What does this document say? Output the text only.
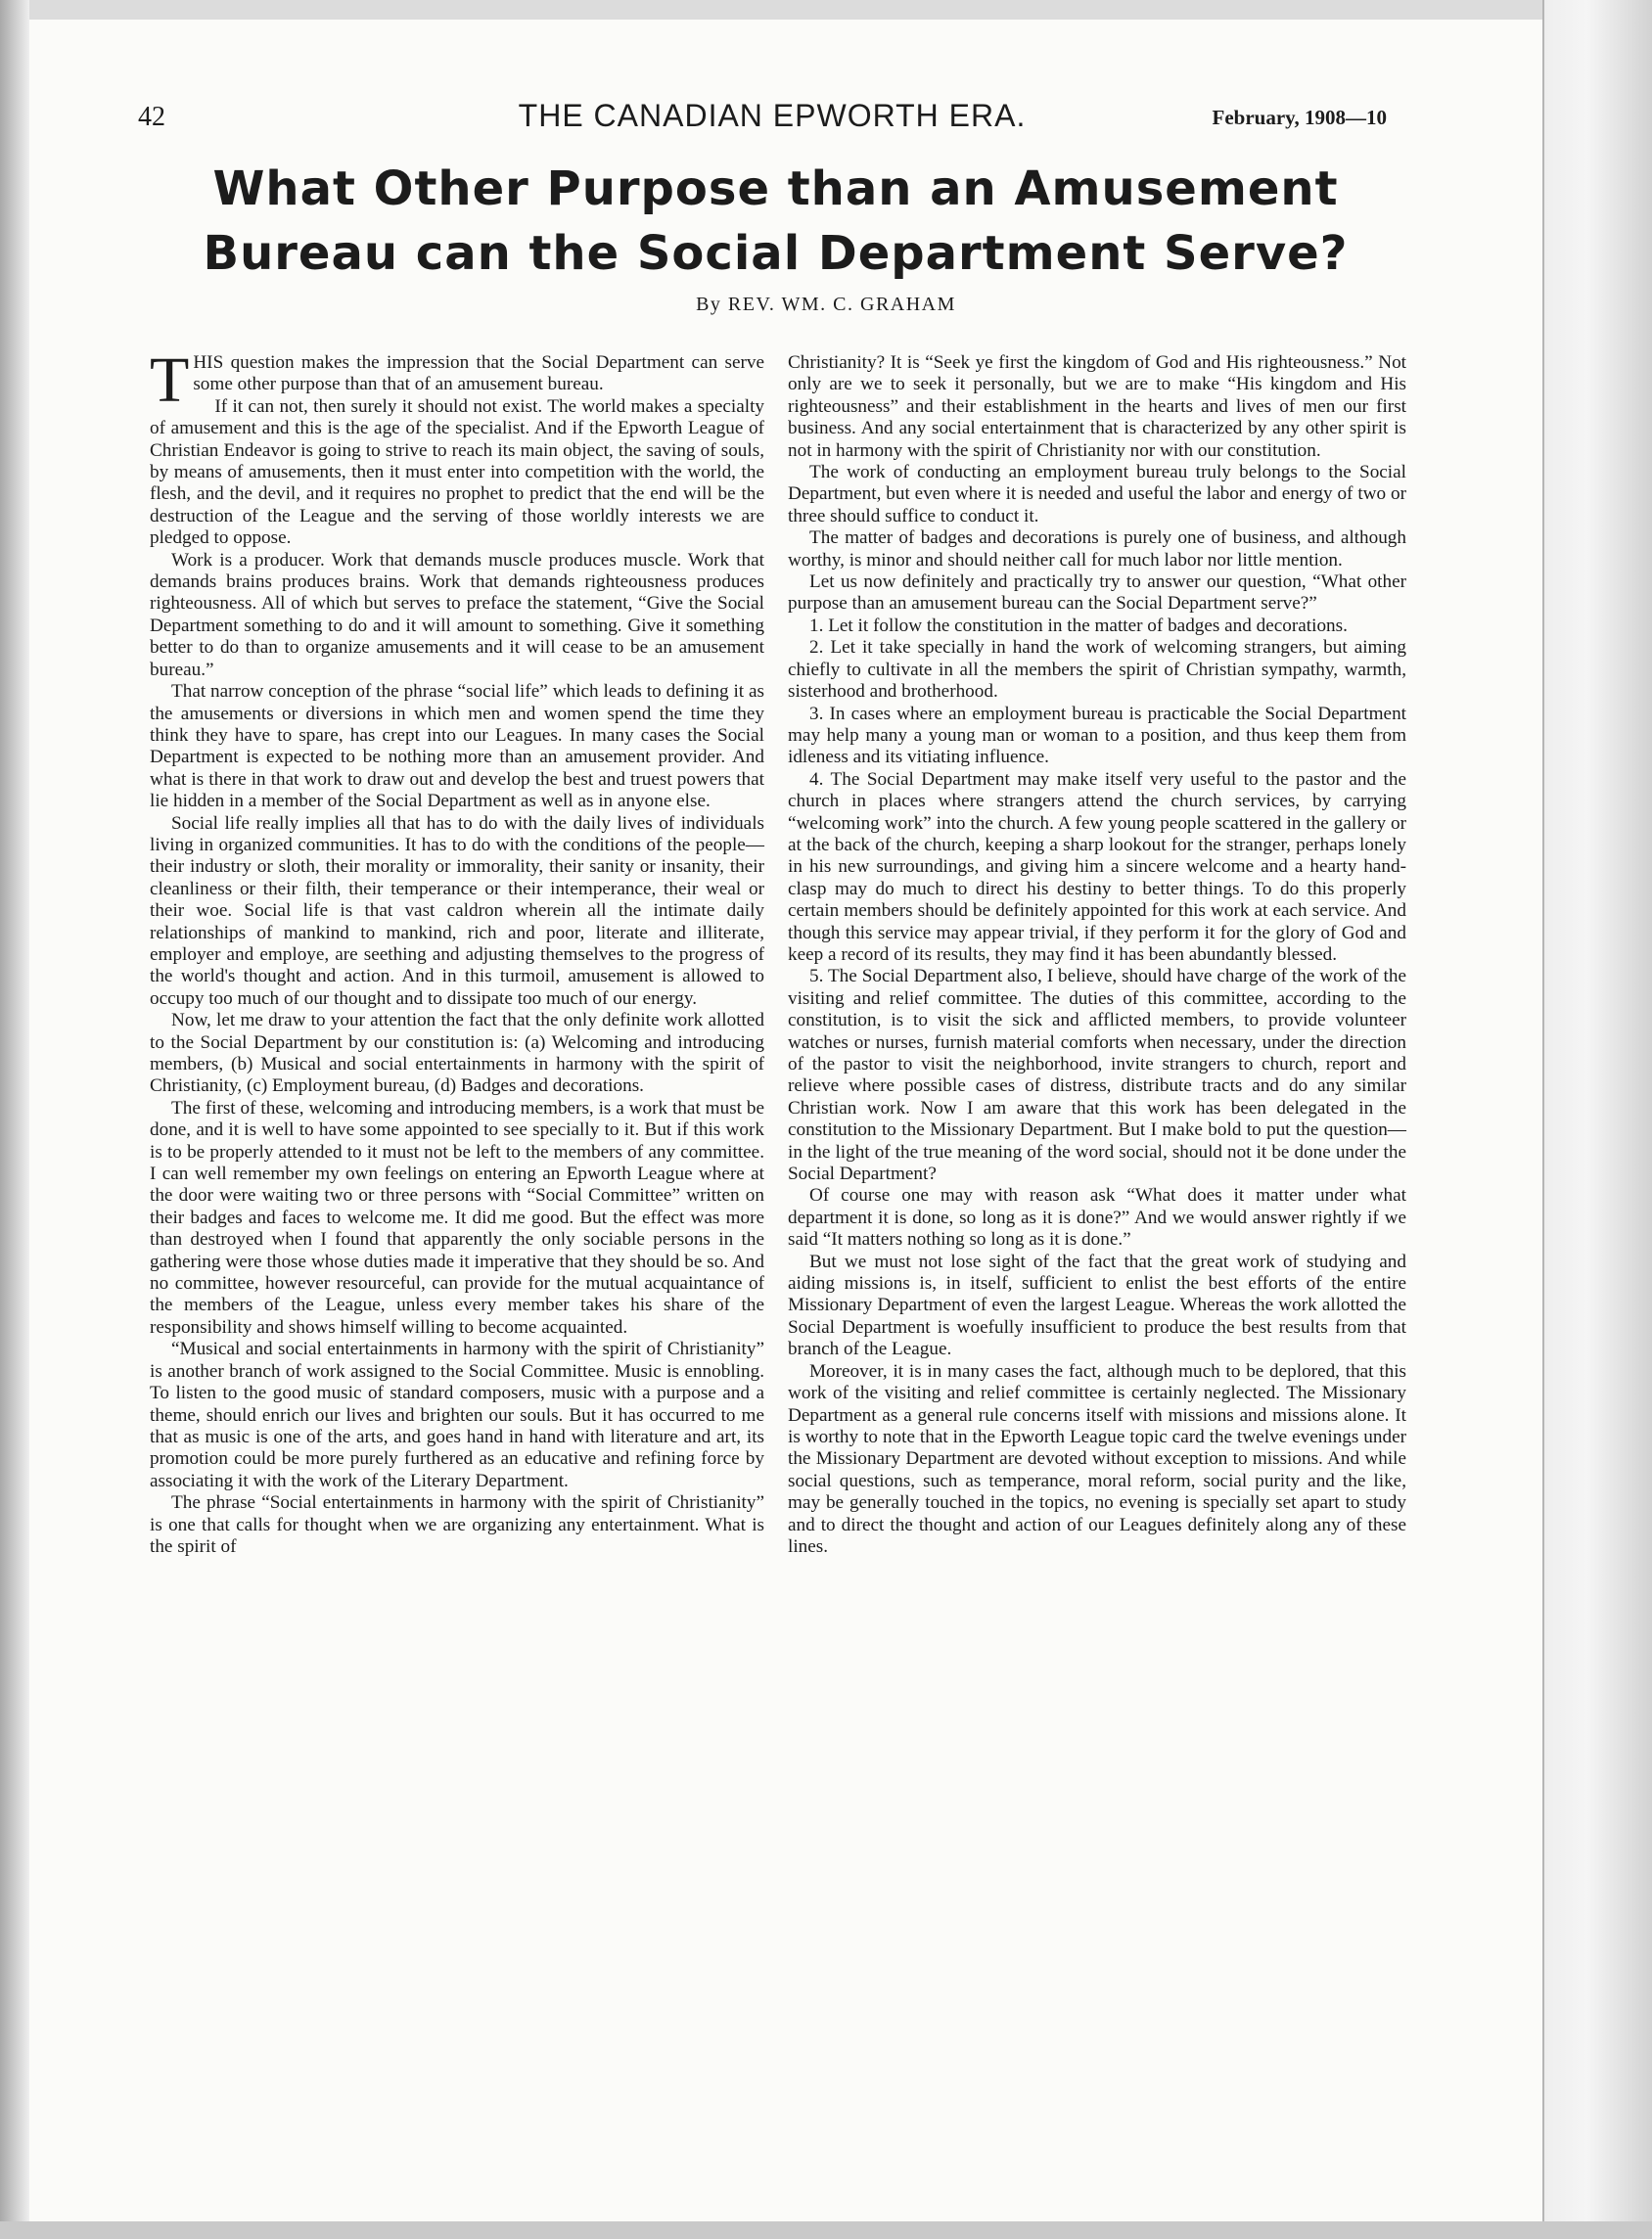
42	THE CANADIAN EPWORTH ERA.	February, 1908—10
What Other Purpose than an Amusement
Bureau can the Social Department Serve?
By REV. WM. C. GRAHAM

THIS question makes the impression that the Social Department can serve some other purpose than that of an amusement bureau.

If it can not, then surely it should not exist. The world makes a specialty of amusement and this is the age of the specialist. And if the Epworth League of Christian Endeavor is going to strive to reach its main object, the saving of souls, by means of amusements, then it must enter into competition with the world, the flesh, and the devil, and it requires no prophet to predict that the end will be the destruction of the League and the serving of those worldly interests we are pledged to oppose.

Work is a producer. Work that demands muscle produces muscle. Work that demands brains produces brains. Work that demands righteousness produces righteousness. All of which but serves to preface the statement, “Give the Social Department something to do and it will amount to something. Give it something better to do than to organize amusements and it will cease to be an amusement bureau.”

That narrow conception of the phrase “social life” which leads to defining it as the amusements or diversions in which men and women spend the time they think they have to spare, has crept into our Leagues. In many cases the Social Department is expected to be nothing more than an amusement provider. And what is there in that work to draw out and develop the best and truest powers that lie hidden in a member of the Social Department as well as in anyone else.

Social life really implies all that has to do with the daily lives of individuals living in organized communities. It has to do with the conditions of the people—their industry or sloth, their morality or immorality, their sanity or insanity, their cleanliness or their filth, their temperance or their intemperance, their weal or their woe. Social life is that vast caldron wherein all the intimate daily relationships of mankind to mankind, rich and poor, literate and illiterate, employer and employe, are seething and adjusting themselves to the progress of the world's thought and action. And in this turmoil, amusement is allowed to occupy too much of our thought and to dissipate too much of our energy.

Now, let me draw to your attention the fact that the only definite work allotted to the Social Department by our constitution is: (a) Welcoming and introducing members, (b) Musical and social entertainments in harmony with the spirit of Christianity, (c) Employment bureau, (d) Badges and decorations.

The first of these, welcoming and introducing members, is a work that must be done, and it is well to have some appointed to see specially to it. But if this work is to be properly attended to it must not be left to the members of any committee. I can well remember my own feelings on entering an Epworth League where at the door were waiting two or three persons with “Social Committee” written on their badges and faces to welcome me. It did me good. But the effect was more than destroyed when I found that apparently the only sociable persons in the gathering were those whose duties made it imperative that they should be so. And no committee, however resourceful, can provide for the mutual acquaintance of the members of the League, unless every member takes his share of the responsibility and shows himself willing to become acquainted.

“Musical and social entertainments in harmony with the spirit of Christianity” is another branch of work assigned to the Social Committee. Music is ennobling. To listen to the good music of standard composers, music with a purpose and a theme, should enrich our lives and brighten our souls. But it has occurred to me that as music is one of the arts, and goes hand in hand with literature and art, its promotion could be more purely furthered as an educative and refining force by associating it with the work of the Literary Department.

The phrase “Social entertainments in harmony with the spirit of Christianity” is one that calls for thought when we are organizing any entertainment. What is the spirit of

Christianity? It is “Seek ye first the kingdom of God and His righteousness.” Not only are we to seek it personally, but we are to make “His kingdom and His righteousness” and their establishment in the hearts and lives of men our first business. And any social entertainment that is characterized by any other spirit is not in harmony with the spirit of Christianity nor with our constitution.

The work of conducting an employment bureau truly belongs to the Social Department, but even where it is needed and useful the labor and energy of two or three should suffice to conduct it.

The matter of badges and decorations is purely one of business, and although worthy, is minor and should neither call for much labor nor little mention.

Let us now definitely and practically try to answer our question, “What other purpose than an amusement bureau can the Social Department serve?”

1. Let it follow the constitution in the matter of badges and decorations.

2. Let it take specially in hand the work of welcoming strangers, but aiming chiefly to cultivate in all the members the spirit of Christian sympathy, warmth, sisterhood and brotherhood.

3. In cases where an employment bureau is practicable the Social Department may help many a young man or woman to a position, and thus keep them from idleness and its vitiating influence.

4. The Social Department may make itself very useful to the pastor and the church in places where strangers attend the church services, by carrying “welcoming work” into the church. A few young people scattered in the gallery or at the back of the church, keeping a sharp lookout for the stranger, perhaps lonely in his new surroundings, and giving him a sincere welcome and a hearty hand-clasp may do much to direct his destiny to better things. To do this properly certain members should be definitely appointed for this work at each service. And though this service may appear trivial, if they perform it for the glory of God and keep a record of its results, they may find it has been abundantly blessed.

5. The Social Department also, I believe, should have charge of the work of the visiting and relief committee. The duties of this committee, according to the constitution, is to visit the sick and afflicted members, to provide volunteer watches or nurses, furnish material comforts when necessary, under the direction of the pastor to visit the neighborhood, invite strangers to church, report and relieve where possible cases of distress, distribute tracts and do any similar Christian work. Now I am aware that this work has been delegated in the constitution to the Missionary Department. But I make bold to put the question—in the light of the true meaning of the word social, should not it be done under the Social Department?

Of course one may with reason ask “What does it matter under what department it is done, so long as it is done?” And we would answer rightly if we said “It matters nothing so long as it is done.”

But we must not lose sight of the fact that the great work of studying and aiding missions is, in itself, sufficient to enlist the best efforts of the entire Missionary Department of even the largest League. Whereas the work allotted the Social Department is woefully insufficient to produce the best results from that branch of the League.

Moreover, it is in many cases the fact, although much to be deplored, that this work of the visiting and relief committee is certainly neglected. The Missionary Department as a general rule concerns itself with missions and missions alone. It is worthy to note that in the Epworth League topic card the twelve evenings under the Missionary Department are devoted without exception to missions. And while social questions, such as temperance, moral reform, social purity and the like, may be generally touched in the topics, no evening is specially set apart to study and to direct the thought and action of our Leagues definitely along any of these lines.
